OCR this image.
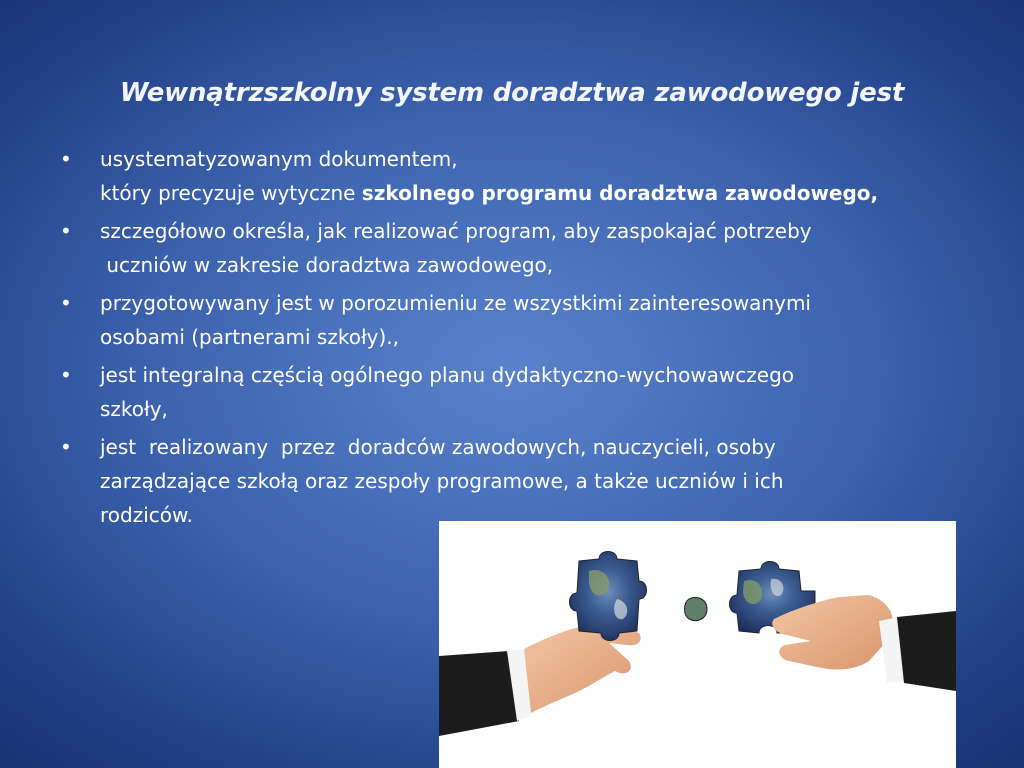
Wewnątrzszkolny system doradztwa zawodowego jest
• usystematyzowanym dokumentem,
który precyzuje wytyczne szkolnego programu doradztwa zawodowego,
• szczegółowo określa, jak realizować program, aby zaspokajać potrzeby
uczniów w zakresie doradztwa zawodowego,
• przygotowywany jest w porozumieniu ze wszystkimi zainteresowanymi
osobami (partnerami szkoły).,
• jest integralną częścią ogólnego planu dydaktyczno-wychowawczego
szkoły,
• jest  realizowany  przez  doradców zawodowych, nauczycieli, osoby
zarządzające szkołą oraz zespoły programowe, a także uczniów i ich
rodziców.
